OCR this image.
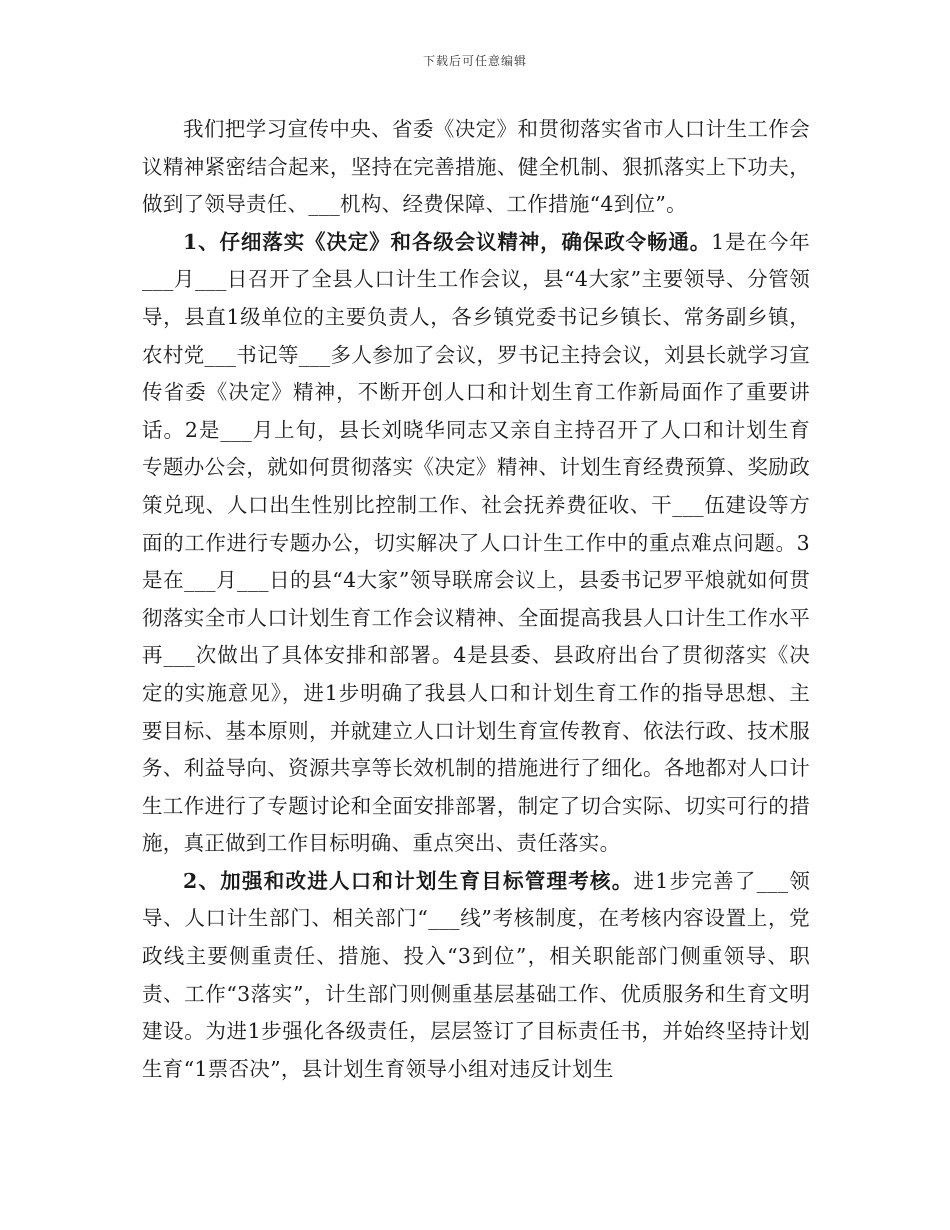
下载后可任意编辑

我们把学习宣传中央、省委《决定》和贯彻落实省市人口计生工作会议精神紧密结合起来，坚持在完善措施、健全机制、狠抓落实上下功夫，做到了领导责任、___机构、经费保障、工作措施“4到位”。

1、仔细落实《决定》和各级会议精神，确保政令畅通。1是在今年___月___日召开了全县人口计生工作会议，县“4大家”主要领导、分管领导，县直1级单位的主要负责人，各乡镇党委书记乡镇长、常务副乡镇，农村党___书记等___多人参加了会议，罗书记主持会议，刘县长就学习宣传省委《决定》精神，不断开创人口和计划生育工作新局面作了重要讲话。2是___月上旬，县长刘晓华同志又亲自主持召开了人口和计划生育专题办公会，就如何贯彻落实《决定》精神、计划生育经费预算、奖励政策兑现、人口出生性别比控制工作、社会抚养费征收、干___伍建设等方面的工作进行专题办公，切实解决了人口计生工作中的重点难点问题。3是在___月___日的县“4大家”领导联席会议上，县委书记罗平烺就如何贯彻落实全市人口计划生育工作会议精神、全面提高我县人口计生工作水平再___次做出了具体安排和部署。4是县委、县政府出台了贯彻落实《决定的实施意见》，进1步明确了我县人口和计划生育工作的指导思想、主要目标、基本原则，并就建立人口计划生育宣传教育、依法行政、技术服务、利益导向、资源共享等长效机制的措施进行了细化。各地都对人口计生工作进行了专题讨论和全面安排部署，制定了切合实际、切实可行的措施，真正做到工作目标明确、重点突出、责任落实。

2、加强和改进人口和计划生育目标管理考核。进1步完善了___领导、人口计生部门、相关部门“___线”考核制度，在考核内容设置上，党政线主要侧重责任、措施、投入“3到位”，相关职能部门侧重领导、职责、工作“3落实”，计生部门则侧重基层基础工作、优质服务和生育文明建设。为进1步强化各级责任，层层签订了目标责任书，并始终坚持计划生育“1票否决”，县计划生育领导小组对违反计划生
